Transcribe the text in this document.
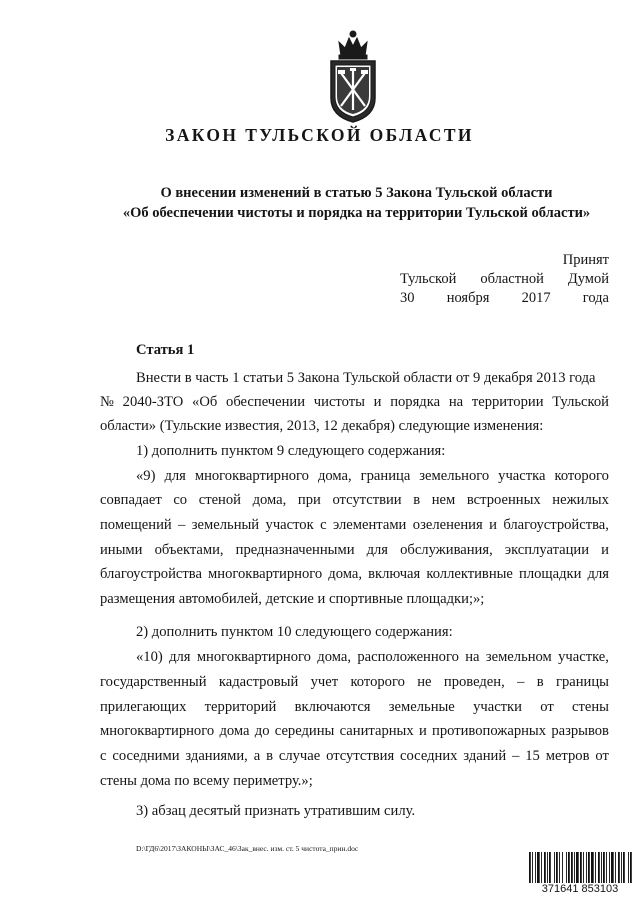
ЗАКОН ТУЛЬСКОЙ ОБЛАСТИ
О внесении изменений в статью 5 Закона Тульской области
«Об обеспечении чистоты и порядка на территории Тульской области»
Принят
Тульской областной Думой
30 ноября 2017 года
Статья 1
Внести в часть 1 статьи 5 Закона Тульской области от 9 декабря 2013 года
№ 2040-ЗТО «Об обеспечении чистоты и порядка на территории Тульской
области» (Тульские известия, 2013, 12 декабря) следующие изменения:
1) дополнить пунктом 9 следующего содержания:
«9) для многоквартирного дома, граница земельного участка которого
совпадает со стеной дома, при отсутствии в нем встроенных нежилых
помещений – земельный участок с элементами озеленения и благоустройства,
иными объектами, предназначенными для обслуживания, эксплуатации и
благоустройства многоквартирного дома, включая коллективные площадки для
размещения автомобилей, детские и спортивные площадки;»;
2) дополнить пунктом 10 следующего содержания:
«10) для многоквартирного дома, расположенного на земельном участке,
государственный кадастровый учет которого не проведен, – в границы
прилегающих территорий включаются земельные участки от стены
многоквартирного дома до середины санитарных и противопожарных разрывов
с соседними зданиями, а в случае отсутствия соседних зданий – 15 метров от
стены дома по всему периметру.»;
3) абзац десятый признать утратившим силу.
D:\ГД6\2017\ЗАКОНЫ\ЗАС_46\Зак_внес. изм. ст. 5 чистота_прин.doc
371641 853103
